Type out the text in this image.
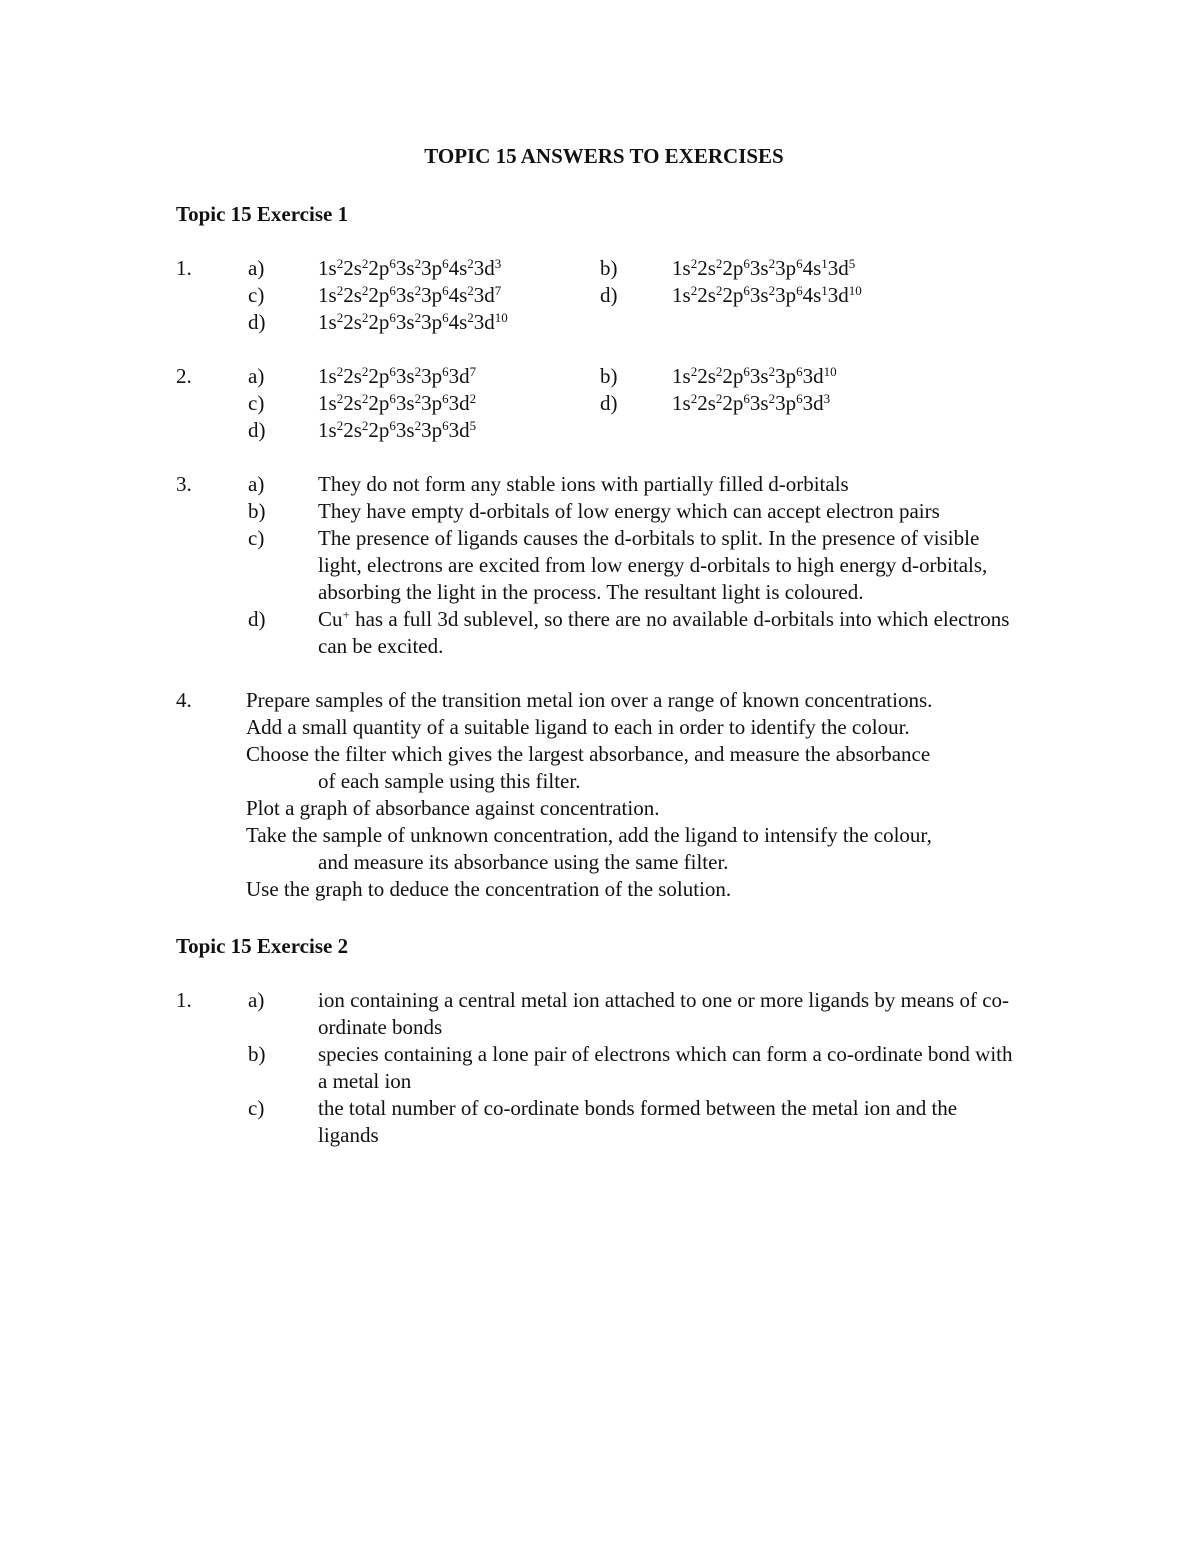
TOPIC 15 ANSWERS TO EXERCISES
Topic 15 Exercise 1
1.	a)	$1s^22s^22p^63s^23p^64s^23d^3$	b)	$1s^22s^22p^63s^23p^64s^13d^5$
c)	$1s^22s^22p^63s^23p^64s^23d^7$	d)	$1s^22s^22p^63s^23p^64s^13d^{10}$
d)	$1s^22s^22p^63s^23p^64s^23d^{10}$
2.	a)	$1s^22s^22p^63s^23p^63d^7$	b)	$1s^22s^22p^63s^23p^63d^{10}$
c)	$1s^22s^22p^63s^23p^63d^2$	d)	$1s^22s^22p^63s^23p^63d^3$
d)	$1s^22s^22p^63s^23p^63d^5$
3.	a)	They do not form any stable ions with partially filled d-orbitals
b)	They have empty d-orbitals of low energy which can accept electron pairs
c)	The presence of ligands causes the d-orbitals to split. In the presence of visible light, electrons are excited from low energy d-orbitals to high energy d-orbitals, absorbing the light in the process. The resultant light is coloured.
d)	Cu+ has a full 3d sublevel, so there are no available d-orbitals into which electrons can be excited.
4.	Prepare samples of the transition metal ion over a range of known concentrations.
Add a small quantity of a suitable ligand to each in order to identify the colour.
Choose the filter which gives the largest absorbance, and measure the absorbance
of each sample using this filter.
Plot a graph of absorbance against concentration.
Take the sample of unknown concentration, add the ligand to intensify the colour,
and measure its absorbance using the same filter.
Use the graph to deduce the concentration of the solution.
Topic 15 Exercise 2
1.	a)	ion containing a central metal ion attached to one or more ligands by means of co-ordinate bonds
b)	species containing a lone pair of electrons which can form a co-ordinate bond with a metal ion
c)	the total number of co-ordinate bonds formed between the metal ion and the ligands
